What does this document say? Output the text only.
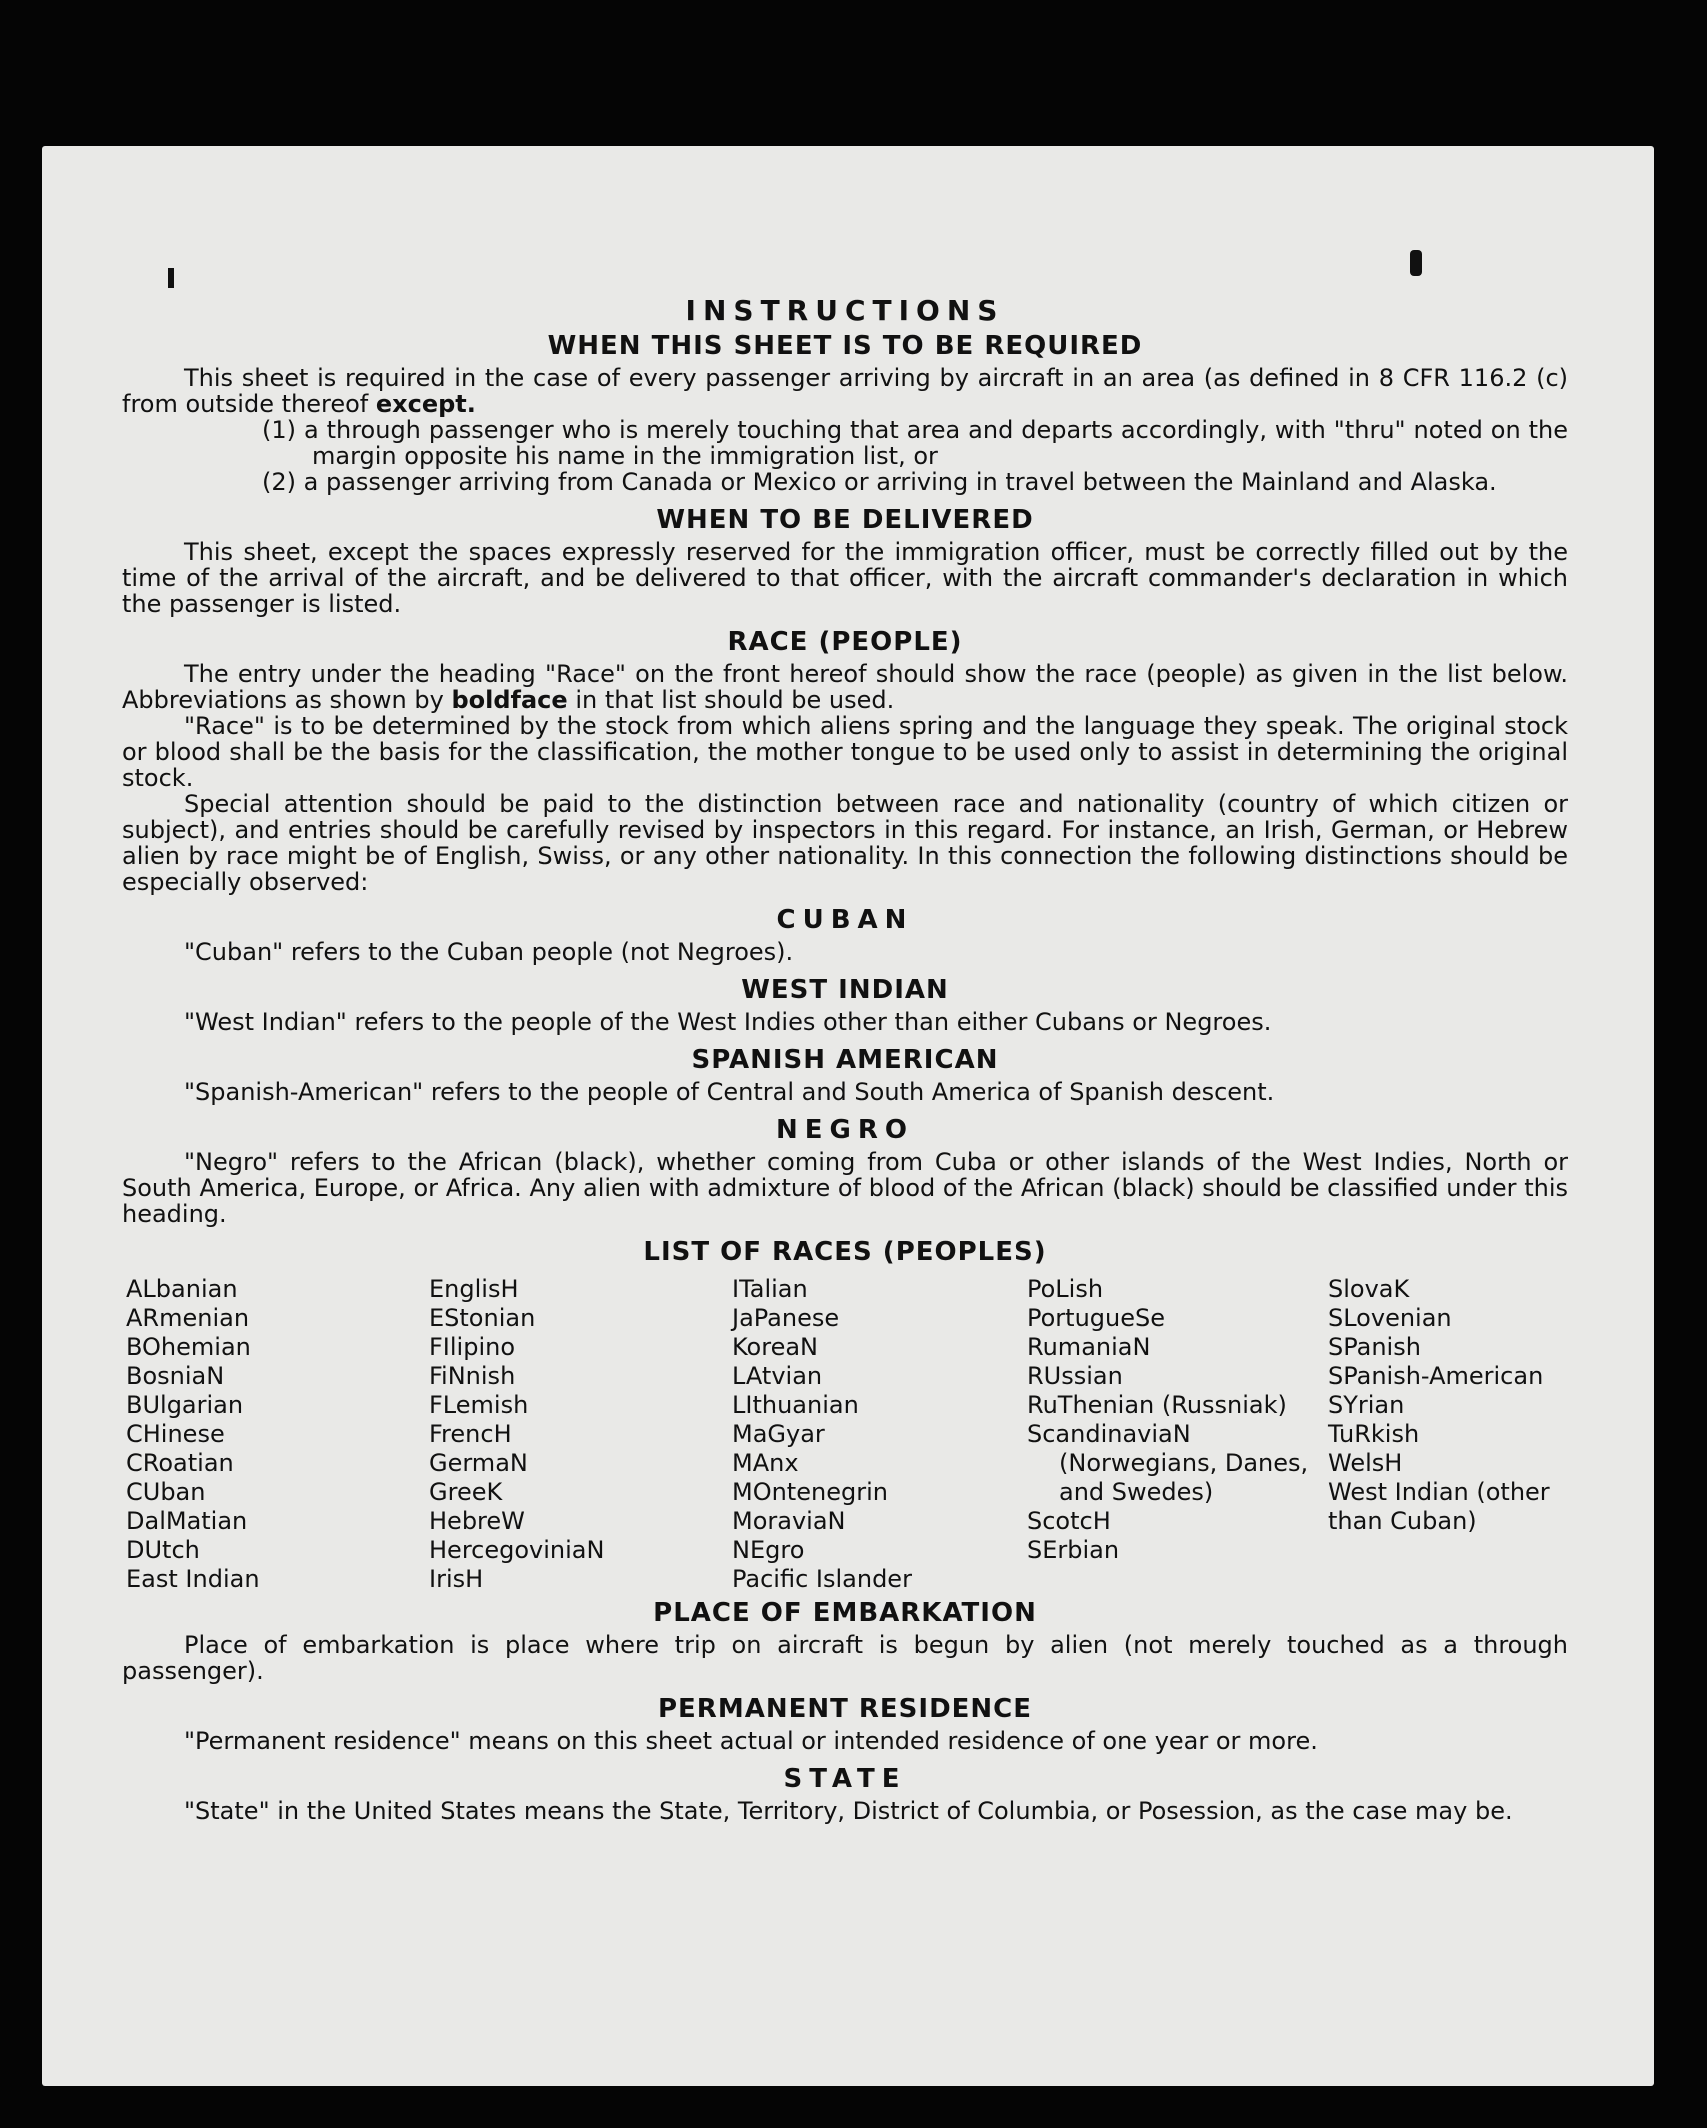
INSTRUCTIONS
WHEN THIS SHEET IS TO BE REQUIRED

This sheet is required in the case of every passenger arriving by aircraft in an area (as defined in 8 CFR 116.2 (c) from outside thereof except.

(1) a through passenger who is merely touching that area and departs accordingly, with "thru" noted on the margin opposite his name in the immigration list, or

(2) a passenger arriving from Canada or Mexico or arriving in travel between the Mainland and Alaska.

WHEN TO BE DELIVERED

This sheet, except the spaces expressly reserved for the immigration officer, must be correctly filled out by the time of the arrival of the aircraft, and be delivered to that officer, with the aircraft commander's declaration in which the passenger is listed.

RACE (PEOPLE)

The entry under the heading "Race" on the front hereof should show the race (people) as given in the list below. Abbreviations as shown by boldface in that list should be used.

"Race" is to be determined by the stock from which aliens spring and the language they speak. The original stock or blood shall be the basis for the classification, the mother tongue to be used only to assist in determining the original stock.

Special attention should be paid to the distinction between race and nationality (country of which citizen or subject), and entries should be carefully revised by inspectors in this regard. For instance, an Irish, German, or Hebrew alien by race might be of English, Swiss, or any other nationality. In this connection the following distinctions should be especially observed:

CUBAN

"Cuban" refers to the Cuban people (not Negroes).

WEST INDIAN

"West Indian" refers to the people of the West Indies other than either Cubans or Negroes.

SPANISH AMERICAN

"Spanish-American" refers to the people of Central and South America of Spanish descent.

NEGRO

"Negro" refers to the African (black), whether coming from Cuba or other islands of the West Indies, North or South America, Europe, or Africa. Any alien with admixture of blood of the African (black) should be classified under this heading.

LIST OF RACES (PEOPLES)
ALbanian
ARmenian
BOhemian
BosniaN
BUlgarian
CHinese
CRoatian
CUban
DalMatian
DUtch
East Indian
EnglisH
EStonian
FIlipino
FiNnish
FLemish
FrencH
GermaN
GreeK
HebreW
HercegoviniaN
IrisH
ITalian
JaPanese
KoreaN
LAtvian
LIthuanian
MaGyar
MAnx
MOntenegrin
MoraviaN
NEgro
Pacific Islander
PoLish
PortugueSe
RumaniaN
RUssian
RuThenian (Russniak)
ScandinaviaN
(Norwegians, Danes, and Swedes)
ScotcH
SErbian
SlovaK
SLovenian
SPanish
SPanish-American
SYrian
TuRkish
WelsH
West Indian (other than Cuban)
PLACE OF EMBARKATION

Place of embarkation is place where trip on aircraft is begun by alien (not merely touched as a through passenger).

PERMANENT RESIDENCE

"Permanent residence" means on this sheet actual or intended residence of one year or more.

STATE

"State" in the United States means the State, Territory, District of Columbia, or Posession, as the case may be.
